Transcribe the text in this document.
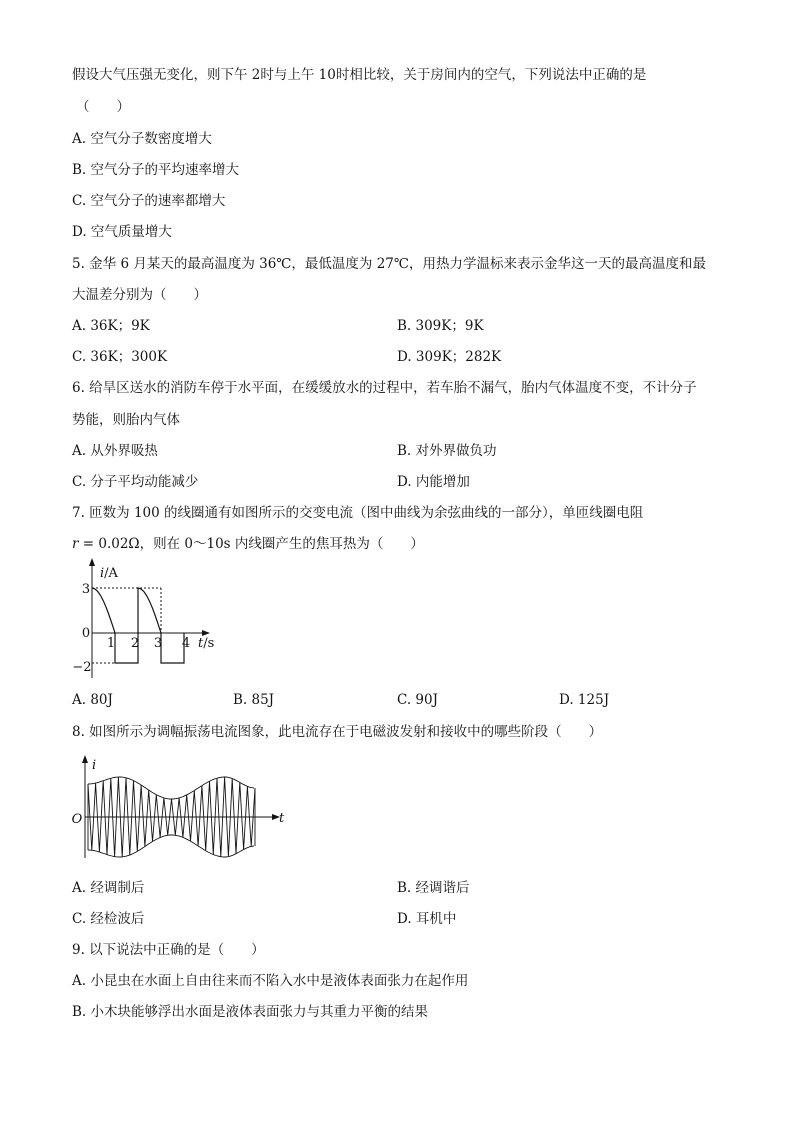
假设大气压强无变化，则下午 2时与上午 10时相比较，关于房间内的空气，下列说法中正确的是
（　　）
A. 空气分子数密度增大
B. 空气分子的平均速率增大
C. 空气分子的速率都增大
D. 空气质量增大
5. 金华 6 月某天的最高温度为 36℃，最低温度为 27℃，用热力学温标来表示金华这一天的最高温度和最
大温差分别为（　　）
A. 36K；9K	B. 309K；9K
C. 36K；300K	D. 309K；282K
6. 给旱区送水的消防车停于水平面，在缓缓放水的过程中，若车胎不漏气，胎内气体温度不变，不计分子
势能，则胎内气体
A. 从外界吸热	B. 对外界做负功
C. 分子平均动能减少	D. 内能增加
7. 匝数为 100 的线圈通有如图所示的交变电流（图中曲线为余弦曲线的一部分），单匝线圈电阻
r = 0.02Ω，则在 0～10s 内线圈产生的焦耳热为（　　）
i/A
3
0
−2
1 2 3 4 t/s
A. 80J	B. 85J	C. 90J	D. 125J
8. 如图所示为调幅振荡电流图象，此电流存在于电磁波发射和接收中的哪些阶段（　　）
i
O	t
A. 经调制后	B. 经调谐后
C. 经检波后	D. 耳机中
9. 以下说法中正确的是（　　）
A. 小昆虫在水面上自由往来而不陷入水中是液体表面张力在起作用
B. 小木块能够浮出水面是液体表面张力与其重力平衡的结果
